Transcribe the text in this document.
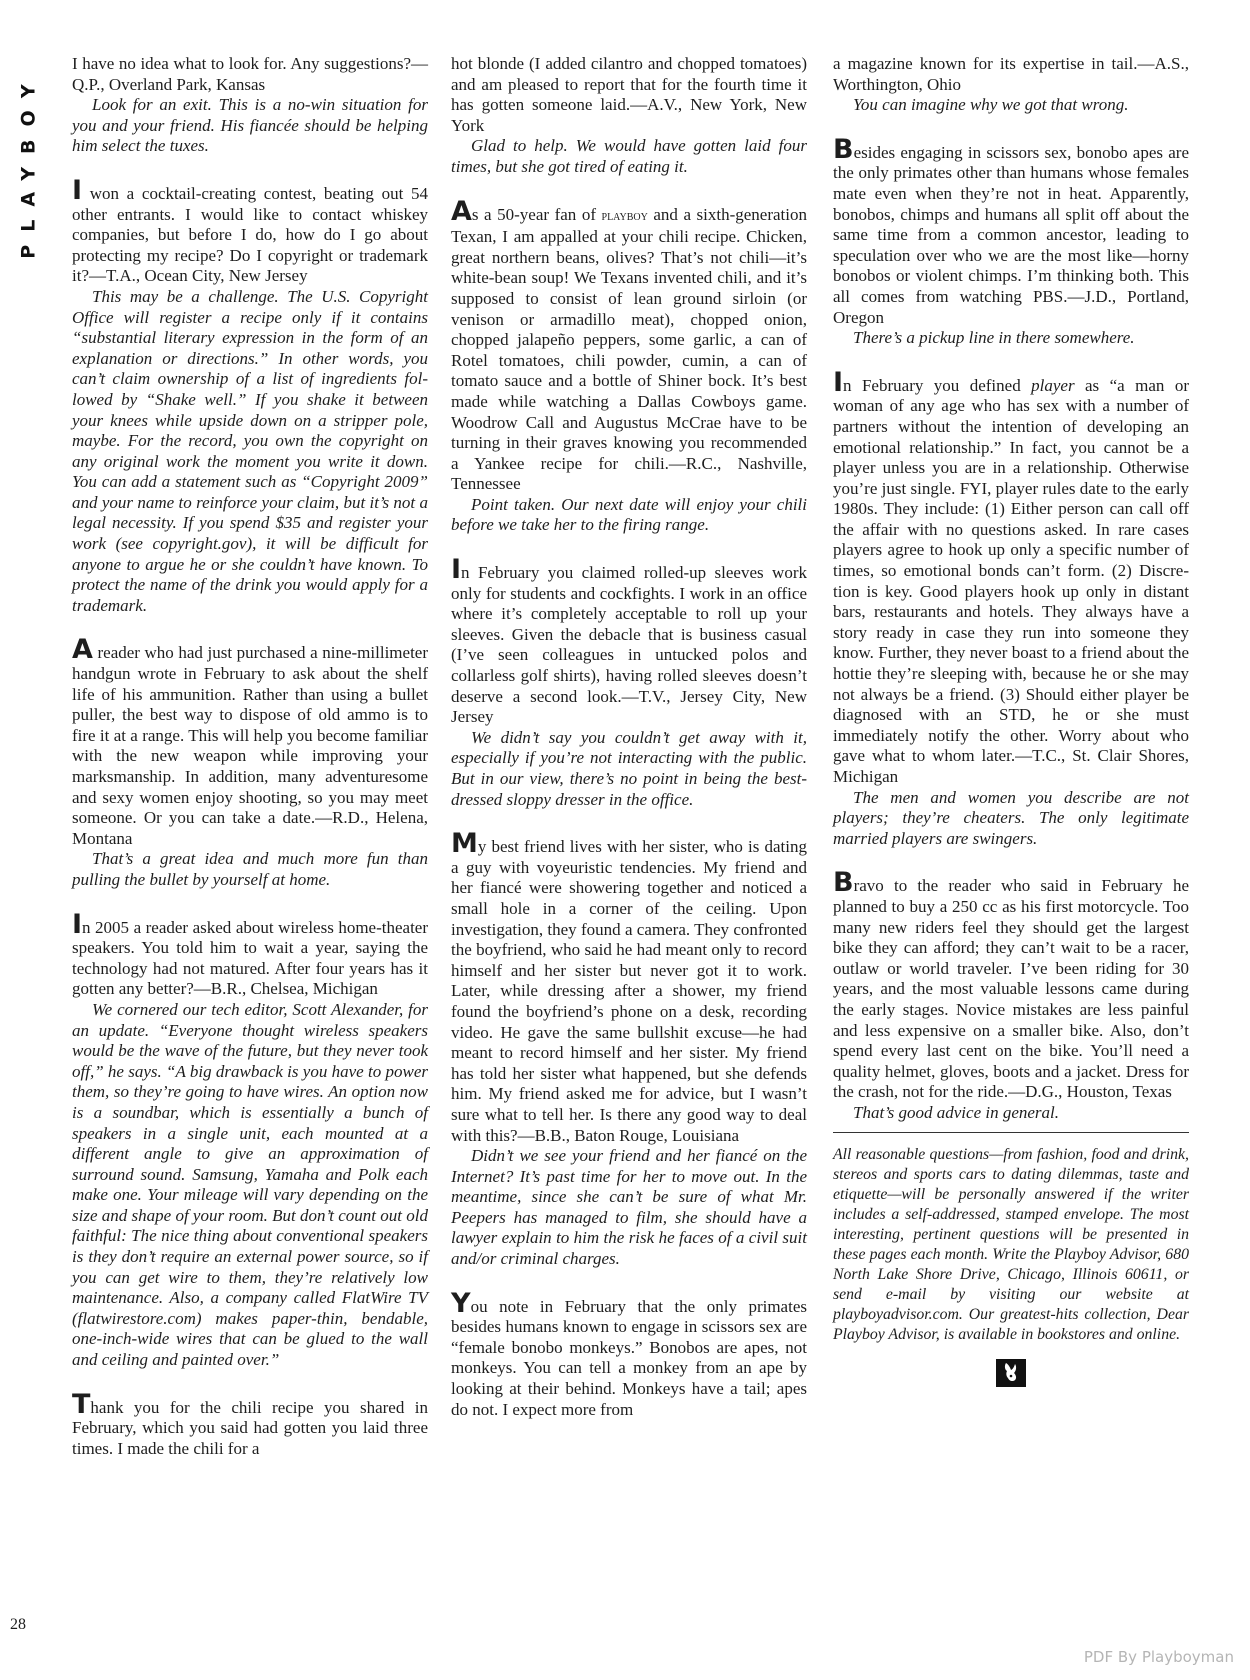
PLAYBOY

I have no idea what to look for. Any suggestions?—Q.P., Overland Park, Kansas

Look for an exit. This is a no-win situation for you and your friend. His fiancée should be helping him select the tuxes.

I won a cocktail-creating contest, beating out 54 other entrants. I would like to contact whiskey companies, but before I do, how do I go about protecting my recipe? Do I copyright or trademark it?—T.A., Ocean City, New Jersey

This may be a challenge. The U.S. Copyright Office will register a recipe only if it contains “substantial literary expression in the form of an explanation or directions.” In other words, you can’t claim ownership of a list of ingredients followed by “Shake well.” If you shake it between your knees while upside down on a stripper pole, maybe. For the record, you own the copyright on any original work the moment you write it down. You can add a statement such as “Copyright 2009” and your name to reinforce your claim, but it’s not a legal necessity. If you spend $35 and register your work (see copyright.gov), it will be difficult for anyone to argue he or she couldn’t have known. To protect the name of the drink you would apply for a trademark.

A reader who had just purchased a nine-millimeter handgun wrote in February to ask about the shelf life of his ammunition. Rather than using a bullet puller, the best way to dispose of old ammo is to fire it at a range. This will help you become familiar with the new weapon while improving your marksmanship. In addition, many adventuresome and sexy women enjoy shooting, so you may meet someone. Or you can take a date.—R.D., Helena, Montana

That’s a great idea and much more fun than pulling the bullet by yourself at home.

In 2005 a reader asked about wireless home-theater speakers. You told him to wait a year, saying the technology had not matured. After four years has it gotten any better?—B.R., Chelsea, Michigan

We cornered our tech editor, Scott Alexander, for an update. “Everyone thought wireless speakers would be the wave of the future, but they never took off,” he says. “A big drawback is you have to power them, so they’re going to have wires. An option now is a soundbar, which is essentially a bunch of speakers in a single unit, each mounted at a different angle to give an approximation of surround sound. Samsung, Yamaha and Polk each make one. Your mileage will vary depending on the size and shape of your room. But don’t count out old faithful: The nice thing about conventional speakers is they don’t require an external power source, so if you can get wire to them, they’re relatively low maintenance. Also, a company called FlatWire TV (flatwirestore.com) makes paper-thin, bendable, one-inch-wide wires that can be glued to the wall and ceiling and painted over.”

Thank you for the chili recipe you shared in February, which you said had gotten you laid three times. I made the chili for a

hot blonde (I added cilantro and chopped tomatoes) and am pleased to report that for the fourth time it has gotten someone laid.—A.V., New York, New York

Glad to help. We would have gotten laid four times, but she got tired of eating it.

As a 50-year fan of playboy and a sixth-generation Texan, I am appalled at your chili recipe. Chicken, great northern beans, olives? That’s not chili—it’s white-bean soup! We Texans invented chili, and it’s supposed to consist of lean ground sirloin (or venison or armadillo meat), chopped onion, chopped jalapeño peppers, some garlic, a can of Rotel tomatoes, chili powder, cumin, a can of tomato sauce and a bottle of Shiner bock. It’s best made while watching a Dallas Cowboys game. Woodrow Call and Augustus McCrae have to be turning in their graves knowing you recommended a Yankee recipe for chili.—R.C., Nashville, Tennessee

Point taken. Our next date will enjoy your chili before we take her to the firing range.

In February you claimed rolled-up sleeves work only for students and cockfights. I work in an office where it’s completely acceptable to roll up your sleeves. Given the debacle that is business casual (I’ve seen colleagues in untucked polos and collarless golf shirts), having rolled sleeves doesn’t deserve a second look.—T.V., Jersey City, New Jersey

We didn’t say you couldn’t get away with it, especially if you’re not interacting with the public. But in our view, there’s no point in being the best-dressed sloppy dresser in the office.

My best friend lives with her sister, who is dating a guy with voyeuristic tendencies. My friend and her fiancé were showering together and noticed a small hole in a corner of the ceiling. Upon investigation, they found a camera. They confronted the boyfriend, who said he had meant only to record himself and her sister but never got it to work. Later, while dressing after a shower, my friend found the boyfriend’s phone on a desk, recording video. He gave the same bullshit excuse—he had meant to record himself and her sister. My friend has told her sister what happened, but she defends him. My friend asked me for advice, but I wasn’t sure what to tell her. Is there any good way to deal with this?—B.B., Baton Rouge, Louisiana

Didn’t we see your friend and her fiancé on the Internet? It’s past time for her to move out. In the meantime, since she can’t be sure of what Mr. Peepers has managed to film, she should have a lawyer explain to him the risk he faces of a civil suit and/or criminal charges.

You note in February that the only primates besides humans known to engage in scissors sex are “female bonobo monkeys.” Bonobos are apes, not monkeys. You can tell a monkey from an ape by looking at their behind. Monkeys have a tail; apes do not. I expect more from

a magazine known for its expertise in tail.—A.S., Worthington, Ohio

You can imagine why we got that wrong.

Besides engaging in scissors sex, bonobo apes are the only primates other than humans whose females mate even when they’re not in heat. Apparently, bonobos, chimps and humans all split off about the same time from a common ancestor, leading to speculation over who we are the most like—horny bonobos or violent chimps. I’m thinking both. This all comes from watching PBS.—J.D., Portland, Oregon

There’s a pickup line in there somewhere.

In February you defined player as “a man or woman of any age who has sex with a number of partners without the intention of developing an emotional relationship.” In fact, you cannot be a player unless you are in a relationship. Otherwise you’re just single. FYI, player rules date to the early 1980s. They include: (1) Either person can call off the affair with no questions asked. In rare cases players agree to hook up only a specific number of times, so emotional bonds can’t form. (2) Discretion is key. Good players hook up only in distant bars, restaurants and hotels. They always have a story ready in case they run into someone they know. Further, they never boast to a friend about the hottie they’re sleeping with, because he or she may not always be a friend. (3) Should either player be diagnosed with an STD, he or she must immediately notify the other. Worry about who gave what to whom later.—T.C., St. Clair Shores, Michigan

The men and women you describe are not players; they’re cheaters. The only legitimate married players are swingers.

Bravo to the reader who said in February he planned to buy a 250 cc as his first motorcycle. Too many new riders feel they should get the largest bike they can afford; they can’t wait to be a racer, outlaw or world traveler. I’ve been riding for 30 years, and the most valuable lessons came during the early stages. Novice mistakes are less painful and less expensive on a smaller bike. Also, don’t spend every last cent on the bike. You’ll need a quality helmet, gloves, boots and a jacket. Dress for the crash, not for the ride.—D.G., Houston, Texas

That’s good advice in general.

All reasonable questions—from fashion, food and drink, stereos and sports cars to dating dilemmas, taste and etiquette—will be personally answered if the writer includes a self-addressed, stamped envelope. The most interesting, pertinent questions will be presented in these pages each month. Write the Playboy Advisor, 680 North Lake Shore Drive, Chicago, Illinois 60611, or send e-mail by visiting our website at playboyadvisor.com. Our greatest-hits collection, Dear Playboy Advisor, is available in bookstores and online.

28
PDF By Playboyman
